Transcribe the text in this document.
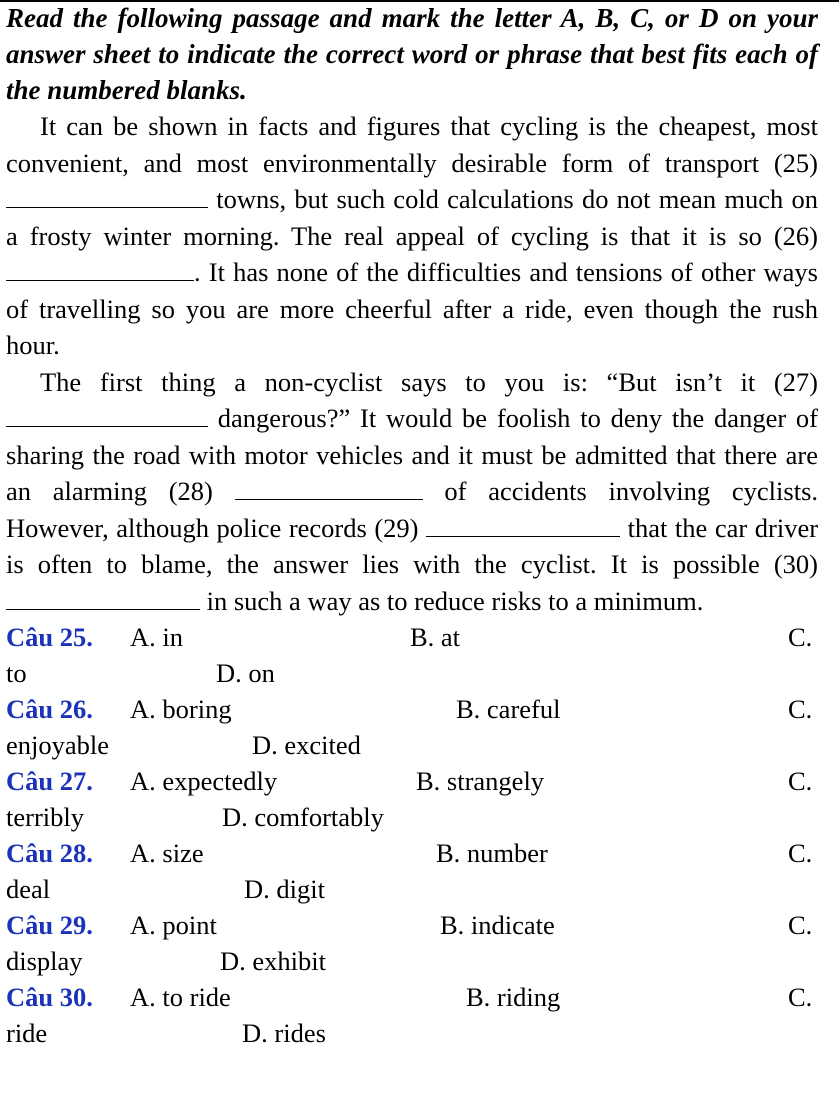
Read the following passage and mark the letter A, B, C, or D on your answer sheet to indicate the correct word or phrase that best fits each of the numbered blanks.

It can be shown in facts and figures that cycling is the cheapest, most convenient, and most environmentally desirable form of transport (25)  towns, but such cold calculations do not mean much on a frosty winter morning. The real appeal of cycling is that it is so (26) . It has none of the difficulties and tensions of other ways of travelling so you are more cheerful after a ride, even though the rush hour.

The first thing a non-cyclist says to you is: “But isn’t it (27)  dangerous?” It would be foolish to deny the danger of sharing the road with motor vehicles and it must be admitted that there are an alarming (28)	of accidents involving cyclists. However, although police records (29)	that the car driver is often to blame, the answer lies with the cyclist. It is possible (30)  in such a way as to reduce risks to a minimum.

Câu 25. A. in	B. at	C.
to	D. on
Câu 26. A. boring	B. careful	C.
enjoyable	D. excited
Câu 27. A. expectedly	B. strangely	C.
terribly	D. comfortably
Câu 28. A. size	B. number	C.
deal	D. digit
Câu 29. A. point	B. indicate	C.
display	D. exhibit
Câu 30. A. to ride	B. riding	C.
ride	D. rides
